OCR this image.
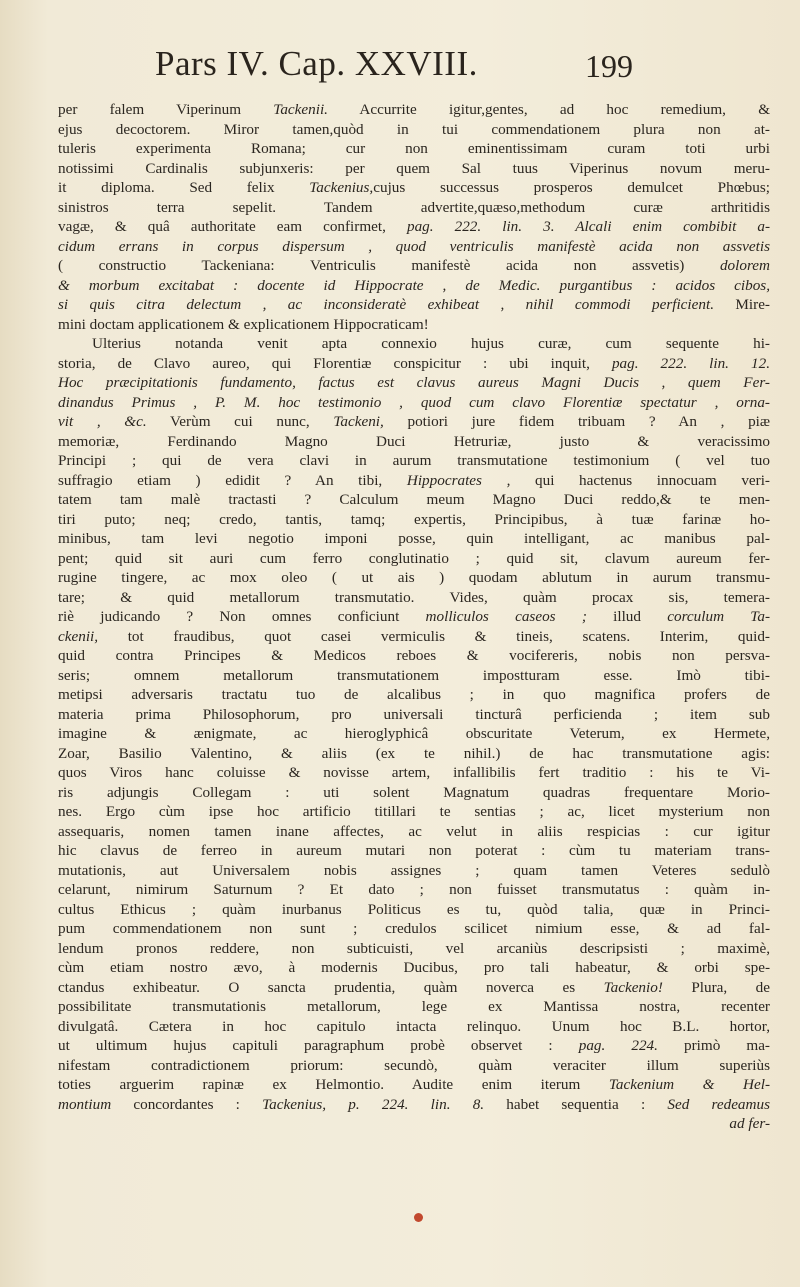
Pars IV. Cap. XXVIII.	199
per falem Viperinum Tackenii. Accurrite igitur,gentes, ad hoc remedium, &
ejus decoctorem. Miror tamen,quòd in tui commendationem plura non at-
tuleris experimenta Romana; cur non eminentissimam curam toti urbi
notissimi Cardinalis subjunxeris: per quem Sal tuus Viperinus novum meru-
it diploma. Sed felix Tackenius,cujus successus prosperos demulcet Phœbus;
sinistros terra sepelit. Tandem advertite,quæso,methodum curæ arthritidis
vagæ, & quâ authoritate eam confirmet, pag. 222. lin. 3. Alcali enim combibit a-
cidum errans in corpus dispersum , quod ventriculis manifestè acida non assvetis
( constructio Tackeniana: Ventriculis manifestè acida non assvetis) dolorem
& morbum excitabat : docente id Hippocrate , de Medic. purgantibus : acidos cibos,
si quis citra delectum , ac inconsideratè exhibeat , nihil commodi perficient. Mire-
mini doctam applicationem & explicationem Hippocraticam!
Ulterius notanda venit apta connexio hujus curæ, cum sequente hi-
storia, de Clavo aureo, qui Florentiæ conspicitur : ubi inquit, pag. 222. lin. 12.
Hoc præcipitationis fundamento, factus est clavus aureus Magni Ducis , quem Fer-
dinandus Primus , P. M. hoc testimonio , quod cum clavo Florentiæ spectatur , orna-
vit , &c. Verùm cui nunc, Tackeni, potiori jure fidem tribuam ? An , piæ
memoriæ, Ferdinando Magno Duci Hetruriæ, justo & veracissimo
Principi ; qui de vera clavi in aurum transmutatione testimonium ( vel tuo
suffragio etiam ) edidit ? An tibi, Hippocrates , qui hactenus innocuam veri-
tatem tam malè tractasti ? Calculum meum Magno Duci reddo,& te men-
tiri puto; neq; credo, tantis, tamq; expertis, Principibus, à tuæ farinæ ho-
minibus, tam levi negotio imponi posse, quin intelligant, ac manibus pal-
pent; quid sit auri cum ferro conglutinatio ; quid sit, clavum aureum fer-
rugine tingere, ac mox oleo ( ut ais ) quodam ablutum in aurum transmu-
tare; & quid metallorum transmutatio. Vides, quàm procax sis, temera-
riè judicando ? Non omnes conficiunt molliculos caseos ; illud corculum Ta-
ckenii, tot fraudibus, quot casei vermiculis & tineis, scatens. Interim, quid-
quid contra Principes & Medicos reboes & vocifereris, nobis non persva-
seris; omnem metallorum transmutationem impostturam esse. Imò tibi-
metipsi adversaris tractatu tuo de alcalibus ; in quo magnifica profers de
materia prima Philosophorum, pro universali tincturâ perficienda ; item sub
imagine & ænigmate, ac hieroglyphicâ obscuritate Veterum, ex Hermete,
Zoar, Basilio Valentino, & aliis (ex te nihil.) de hac transmutatione agis:
quos Viros hanc coluisse & novisse artem, infallibilis fert traditio : his te Vi-
ris adjungis Collegam : uti solent Magnatum quadras frequentare Morio-
nes. Ergo cùm ipse hoc artificio titillari te sentias ; ac, licet mysterium non
assequaris, nomen tamen inane affectes, ac velut in aliis respicias : cur igitur
hic clavus de ferreo in aureum mutari non poterat : cùm tu materiam trans-
mutationis, aut Universalem nobis assignes ; quam tamen Veteres sedulò
celarunt, nimirum Saturnum ? Et dato ; non fuisset transmutatus : quàm in-
cultus Ethicus ; quàm inurbanus Politicus es tu, quòd talia, quæ in Princi-
pum commendationem non sunt ; credulos scilicet nimium esse, & ad fal-
lendum pronos reddere, non subticuisti, vel arcaniùs descripsisti ; maximè,
cùm etiam nostro ævo, à modernis Ducibus, pro tali habeatur, & orbi spe-
ctandus exhibeatur. O sancta prudentia, quàm noverca es Tackenio! Plura, de
possibilitate transmutationis metallorum, lege ex Mantissa nostra, recenter
divulgatâ. Cætera in hoc capitulo intacta relinquo. Unum hoc B.L. hortor,
ut ultimum hujus capituli paragraphum probè observet : pag. 224. primò ma-
nifestam contradictionem priorum: secundò, quàm veraciter illum superiùs
toties arguerim rapinæ ex Helmontio. Audite enim iterum Tackenium & Hel-
montium concordantes : Tackenius, p. 224. lin. 8. habet sequentia : Sed redeamus
ad fer-
